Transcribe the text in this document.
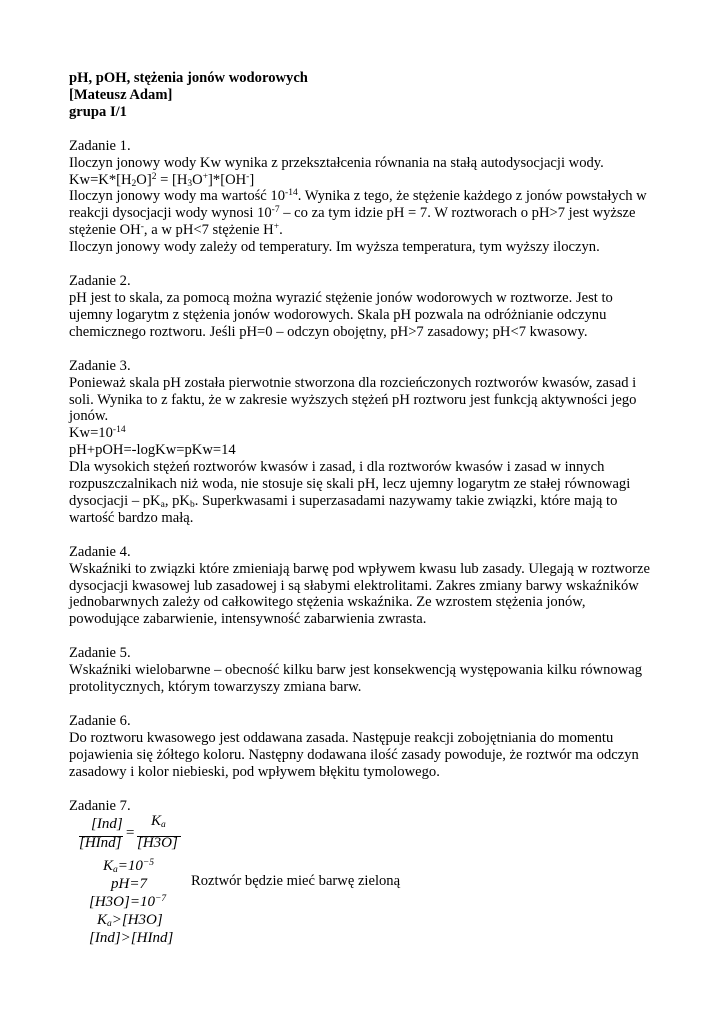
pH, pOH, stężenia jonów wodorowych

[Mateusz Adam]

grupa I/1

Zadanie 1.

Iloczyn jonowy wody Kw wynika z przekształcenia równania na stałą autodysocjacji wody.

$Kw=K*[H_2O]^2 = [H_3O^+]*[OH^-]$

Iloczyn jonowy wody ma wartość $10^{-14}$. Wynika z tego, że stężenie każdego z jonów powstałych w reakcji dysocjacji wody wynosi $10^{-7}$ – co za tym idzie pH = 7. W roztworach o pH>7 jest wyższe stężenie OH-, a w pH<7 stężenie H+.

Iloczyn jonowy wody zależy od temperatury. Im wyższa temperatura, tym wyższy iloczyn.

Zadanie 2.

pH jest to skala, za pomocą można wyrazić stężenie jonów wodorowych w roztworze. Jest to ujemny logarytm z stężenia jonów wodorowych. Skala pH pozwala na odróżnianie odczynu chemicznego roztworu. Jeśli pH=0 – odczyn obojętny, pH>7 zasadowy; pH<7 kwasowy.

Zadanie 3.

Ponieważ skala pH została pierwotnie stworzona dla rozcieńczonych roztworów kwasów, zasad i soli. Wynika to z faktu, że w zakresie wyższych stężeń pH roztworu jest funkcją aktywności jego jonów.

$Kw=10^{-14}$

pH+pOH=-logKw=pKw=14

Dla wysokich stężeń roztworów kwasów i zasad, i dla roztworów kwasów i zasad w innych rozpuszczalnikach niż woda, nie stosuje się skali pH, lecz ujemny logarytm ze stałej równowagi dysocjacji – $pK_a$, $pK_b$. Superkwasami i superzasadami nazywamy takie związki, które mają to wartość bardzo małą.

Zadanie 4.

Wskaźniki to związki które zmieniają barwę pod wpływem kwasu lub zasady. Ulegają w roztworze dysocjacji kwasowej lub zasadowej i są słabymi elektrolitami. Zakres zmiany barwy wskaźników jednobarwnych zależy od całkowitego stężenia wskaźnika. Ze wzrostem stężenia jonów, powodujące zabarwienie, intensywność zabarwienia zwrasta.

Zadanie 5.

Wskaźniki wielobarwne – obecność kilku barw jest konsekwencją występowania kilku równowag protolitycznych, którym towarzyszy zmiana barw.

Zadanie 6.

Do roztworu kwasowego jest oddawana zasada. Następuje reakcji zobojętniania do momentu pojawienia się żółtego koloru. Następny dodawana ilość zasady powoduje, że roztwór ma odczyn zasadowy i kolor niebieski, pod wpływem błękitu tymolowego.

Zadanie 7.

[Ind]
[HInd]
=
$K_a$
[H3O]
$K_a=10^{-5}$
pH=7
$[H3O]=10^{-7}$
$K_a>[H3O]$
[Ind]>[HInd]
Roztwór będzie mieć barwę zieloną
